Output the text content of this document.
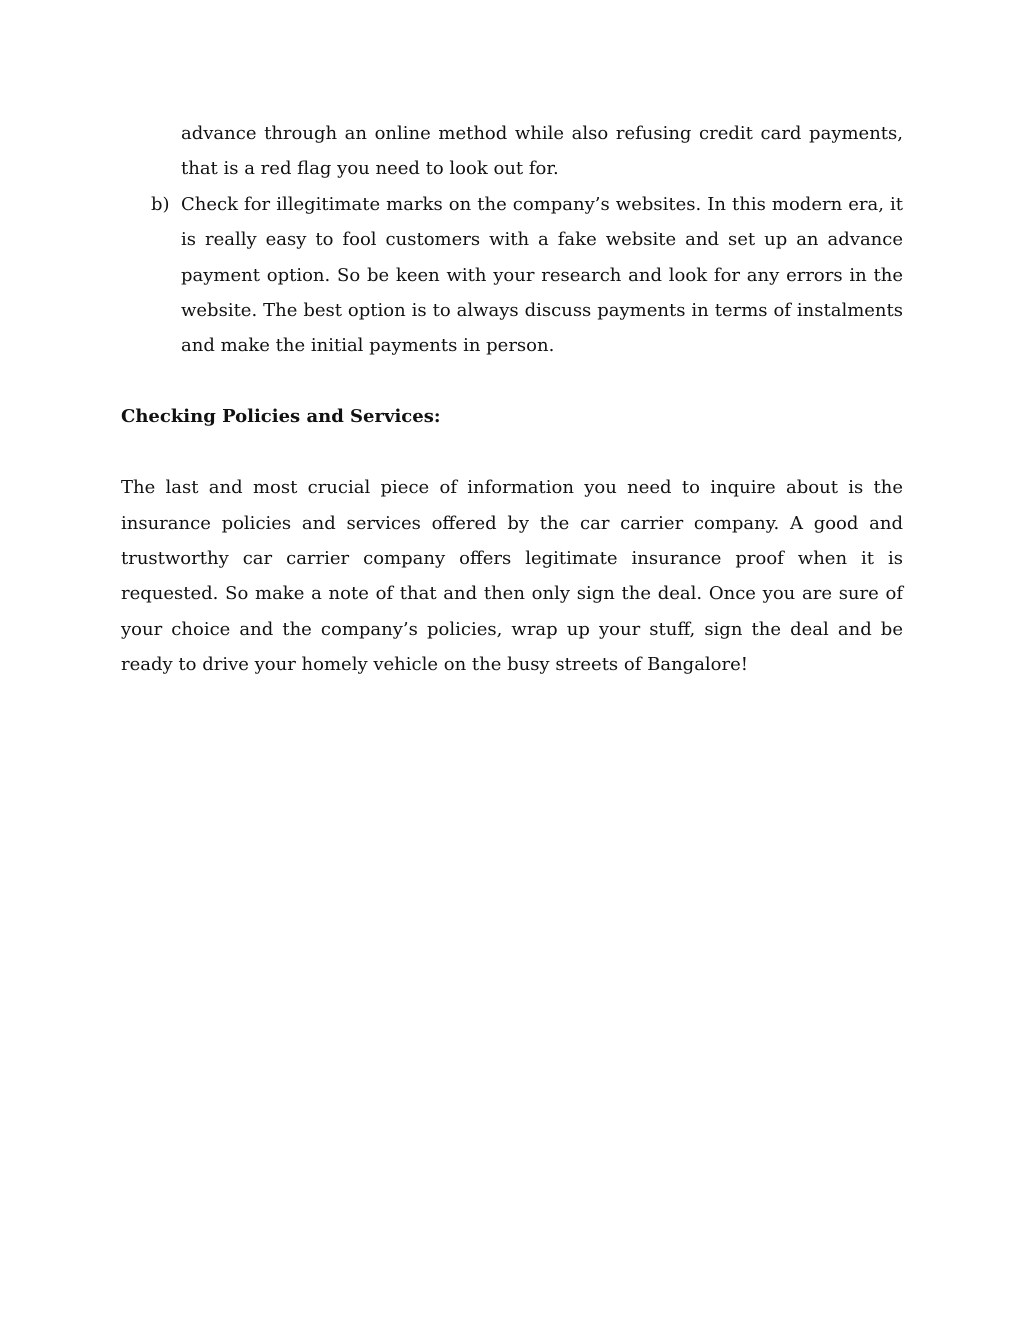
advance through an online method while also refusing credit card payments, that is a red flag you need to look out for.
b) Check for illegitimate marks on the company’s websites. In this modern era, it is really easy to fool customers with a fake website and set up an advance payment option. So be keen with your research and look for any errors in the website. The best option is to always discuss payments in terms of instalments and make the initial payments in person.
Checking Policies and Services:
The last and most crucial piece of information you need to inquire about is the insurance policies and services offered by the car carrier company. A good and trustworthy car carrier company offers legitimate insurance proof when it is requested. So make a note of that and then only sign the deal. Once you are sure of your choice and the company’s policies, wrap up your stuff, sign the deal and be ready to drive your homely vehicle on the busy streets of Bangalore!
